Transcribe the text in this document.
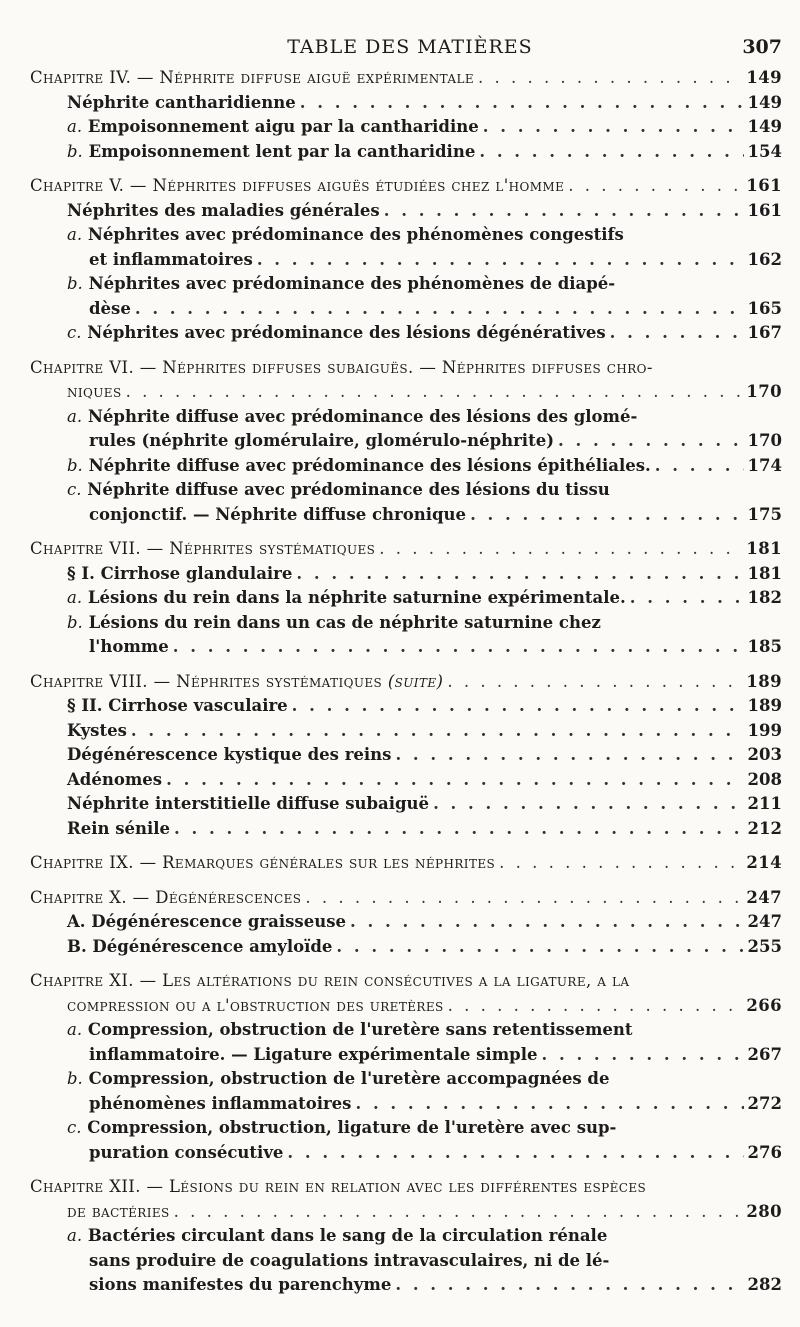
TABLE DES MATIÈRES	307
Chapitre IV. — Néphrite diffuse aiguë expérimentale . . .	149
Néphrite cantharidienne . . .	149
a. Empoisonnement aigu par la cantharidine . . .	149
b. Empoisonnement lent par la cantharidine . . .	154
Chapitre V. — Néphrites diffuses aiguës étudiées chez l'homme . . .	161
Néphrites des maladies générales . . .	161
a. Néphrites avec prédominance des phénomènes congestifs
et inflammatoires . . .	162
b. Néphrites avec prédominance des phénomènes de diapé-
dèse . . .	165
c. Néphrites avec prédominance des lésions dégénératives . . .	167
Chapitre VI. — Néphrites diffuses subaiguës. — Néphrites diffuses chro-
niques . . .	170
a. Néphrite diffuse avec prédominance des lésions des glomé-
rules (néphrite glomérulaire, glomérulo-néphrite) . . .	170
b. Néphrite diffuse avec prédominance des lésions épithéliales. . . .	174
c. Néphrite diffuse avec prédominance des lésions du tissu
conjonctif. — Néphrite diffuse chronique . . .	175
Chapitre VII. — Néphrites systématiques . . .	181
§ I. Cirrhose glandulaire . . .	181
a. Lésions du rein dans la néphrite saturnine expérimentale. . . .	182
b. Lésions du rein dans un cas de néphrite saturnine chez
l'homme . . .	185
Chapitre VIII. — Néphrites systématiques (suite) . . .	189
§ II. Cirrhose vasculaire . . .	189
Kystes . . .	199
Dégénérescence kystique des reins . . .	203
Adénomes . . .	208
Néphrite interstitielle diffuse subaiguë . . .	211
Rein sénile . . .	212
Chapitre IX. — Remarques générales sur les néphrites . . .	214
Chapitre X. — Dégénérescences . . .	247
A. Dégénérescence graisseuse . . .	247
B. Dégénérescence amyloïde . . .	255
Chapitre XI. — Les altérations du rein consécutives a la ligature, a la
compression ou a l'obstruction des uretères . . .	266
a. Compression, obstruction de l'uretère sans retentissement
inflammatoire. — Ligature expérimentale simple . . .	267
b. Compression, obstruction de l'uretère accompagnées de
phénomènes inflammatoires . . .	272
c. Compression, obstruction, ligature de l'uretère avec sup-
puration consécutive . . .	276
Chapitre XII. — Lésions du rein en relation avec les différentes espèces
de bactéries . . .	280
a. Bactéries circulant dans le sang de la circulation rénale
sans produire de coagulations intravasculaires, ni de lé-
sions manifestes du parenchyme . . .	282
